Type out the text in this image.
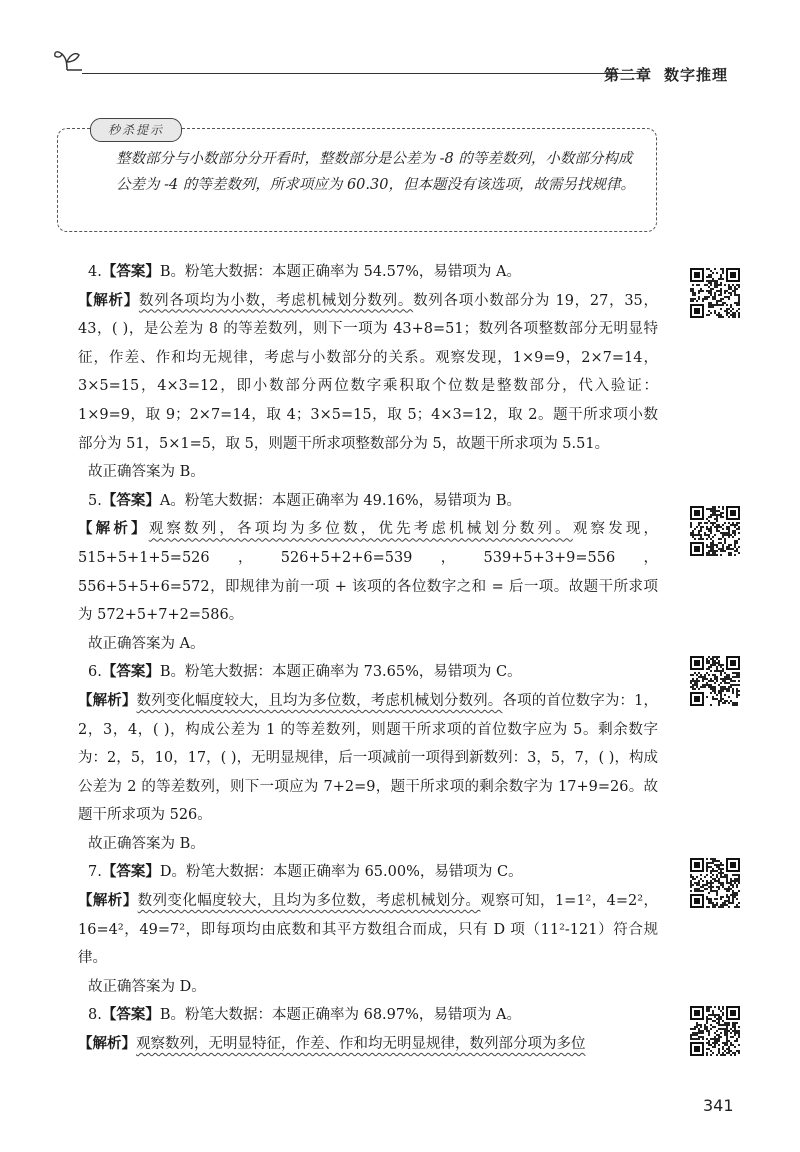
第二章 数字推理
秒杀提示
整数部分与小数部分分开看时，整数部分是公差为 -8 的等差数列，小数部分构成公差为 -4 的等差数列，所求项应为 60.30，但本题没有该选项，故需另找规律。

4.【答案】B。粉笔大数据：本题正确率为 54.57%，易错项为 A。

【解析】数列各项均为小数，考虑机械划分数列。数列各项小数部分为 19，27，35，43，( )，是公差为 8 的等差数列，则下一项为 43+8=51；数列各项整数部分无明显特征，作差、作和均无规律，考虑与小数部分的关系。观察发现，1×9=9，2×7=14，3×5=15，4×3=12，即小数部分两位数字乘积取个位数是整数部分，代入验证：1×9=9，取 9；2×7=14，取 4；3×5=15，取 5；4×3=12，取 2。题干所求项小数部分为 51，5×1=5，取 5，则题干所求项整数部分为 5，故题干所求项为 5.51。

故正确答案为 B。

5.【答案】A。粉笔大数据：本题正确率为 49.16%，易错项为 B。

【解析】观察数列，各项均为多位数，优先考虑机械划分数列。观察发现，515+5+1+5=526，526+5+2+6=539，539+5+3+9=556，556+5+5+6=572，即规律为前一项 + 该项的各位数字之和 = 后一项。故题干所求项为 572+5+7+2=586。

故正确答案为 A。

6.【答案】B。粉笔大数据：本题正确率为 73.65%，易错项为 C。

【解析】数列变化幅度较大，且均为多位数，考虑机械划分数列。各项的首位数字为：1，2，3，4，( )，构成公差为 1 的等差数列，则题干所求项的首位数字应为 5。剩余数字为：2，5，10，17，( )，无明显规律，后一项减前一项得到新数列：3，5，7，( )，构成公差为 2 的等差数列，则下一项应为 7+2=9，题干所求项的剩余数字为 17+9=26。故题干所求项为 526。

故正确答案为 B。

7.【答案】D。粉笔大数据：本题正确率为 65.00%，易错项为 C。

【解析】数列变化幅度较大，且均为多位数，考虑机械划分。观察可知，1=1²，4=2²，16=4²，49=7²，即每项均由底数和其平方数组合而成，只有 D 项（11²-121）符合规律。

故正确答案为 D。

8.【答案】B。粉笔大数据：本题正确率为 68.97%，易错项为 A。

【解析】观察数列，无明显特征，作差、作和均无明显规律，数列部分项为多位

341
